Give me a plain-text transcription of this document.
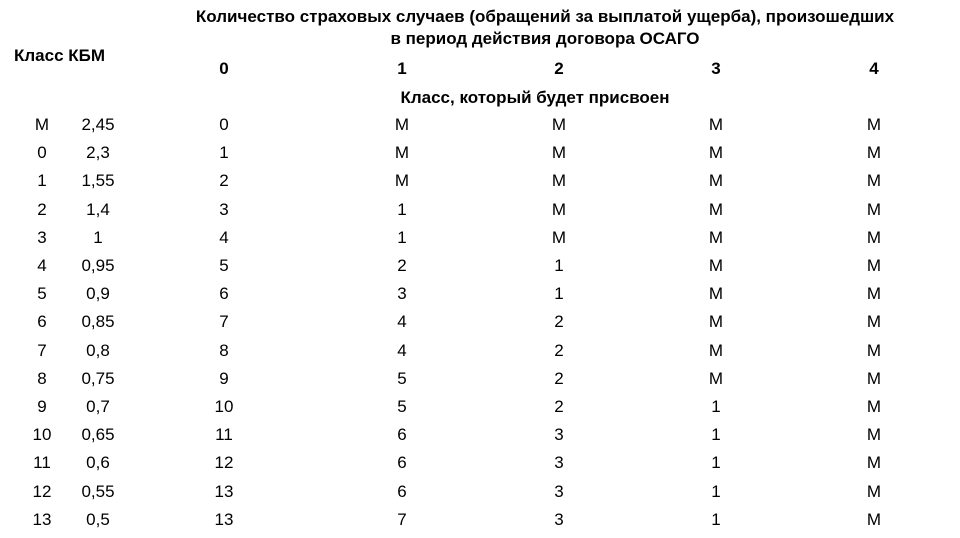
Количество страховых случаев (обращений за выплатой ущерба), произошедших
в период действия договора ОСАГО
Класс КБМ
0	1	2	3	4
Класс, который будет присвоен
М	2,45	0	М	М	М	М
0	2,3	1	М	М	М	М
1	1,55	2	М	М	М	М
2	1,4	3	1	М	М	М
3	1	4	1	М	М	М
4	0,95	5	2	1	М	М
5	0,9	6	3	1	М	М
6	0,85	7	4	2	М	М
7	0,8	8	4	2	М	М
8	0,75	9	5	2	М	М
9	0,7	10	5	2	1	М
10	0,65	11	6	3	1	М
11	0,6	12	6	3	1	М
12	0,55	13	6	3	1	М
13	0,5	13	7	3	1	М
